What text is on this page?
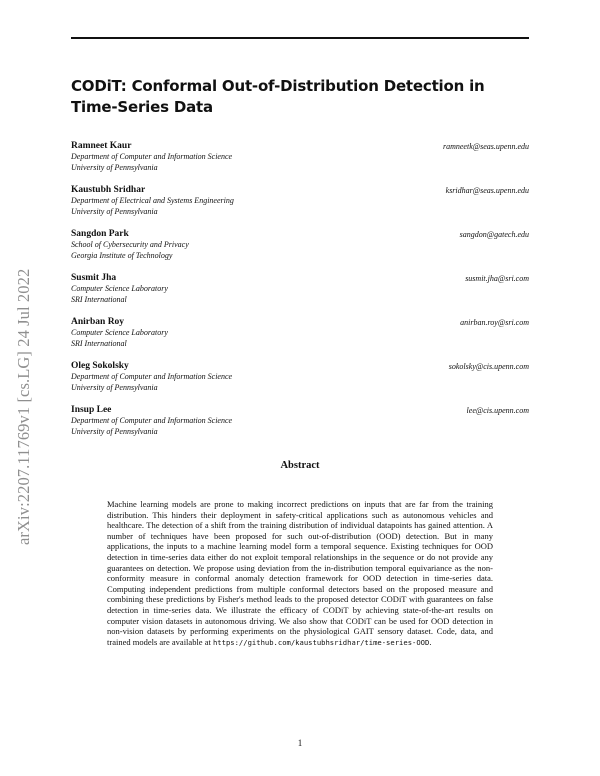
arXiv:2207.11769v1 [cs.LG] 24 Jul 2022
CODiT: Conformal Out-of-Distribution Detection in Time-Series Data
Ramneet Kaur	ramneetk@seas.upenn.edu
Department of Computer and Information Science
University of Pennsylvania
Kaustubh Sridhar	ksridhar@seas.upenn.edu
Department of Electrical and Systems Engineering
University of Pennsylvania
Sangdon Park	sangdon@gatech.edu
School of Cybersecurity and Privacy
Georgia Institute of Technology
Susmit Jha	susmit.jha@sri.com
Computer Science Laboratory
SRI International
Anirban Roy	anirban.roy@sri.com
Computer Science Laboratory
SRI International
Oleg Sokolsky	sokolsky@cis.upenn.com
Department of Computer and Information Science
University of Pennsylvania
Insup Lee	lee@cis.upenn.com
Department of Computer and Information Science
University of Pennsylvania
Abstract

Machine learning models are prone to making incorrect predictions on inputs that are far from the training distribution. This hinders their deployment in safety-critical applications such as autonomous vehicles and healthcare. The detection of a shift from the training distribution of individual datapoints has gained attention. A number of techniques have been proposed for such out-of-distribution (OOD) detection. But in many applications, the inputs to a machine learning model form a temporal sequence. Existing techniques for OOD detection in time-series data either do not exploit temporal relationships in the sequence or do not provide any guarantees on detection. We propose using deviation from the in-distribution temporal equivariance as the non-conformity measure in conformal anomaly detection framework for OOD detection in time-series data. Computing independent predictions from multiple conformal detectors based on the proposed measure and combining these predictions by Fisher's method leads to the proposed detector CODiT with guarantees on false detection in time-series data. We illustrate the efficacy of CODiT by achieving state-of-the-art results on computer vision datasets in autonomous driving. We also show that CODiT can be used for OOD detection in non-vision datasets by performing experiments on the physiological GAIT sensory dataset. Code, data, and trained models are available at https://github.com/kaustubhsridhar/time-series-OOD.

1
